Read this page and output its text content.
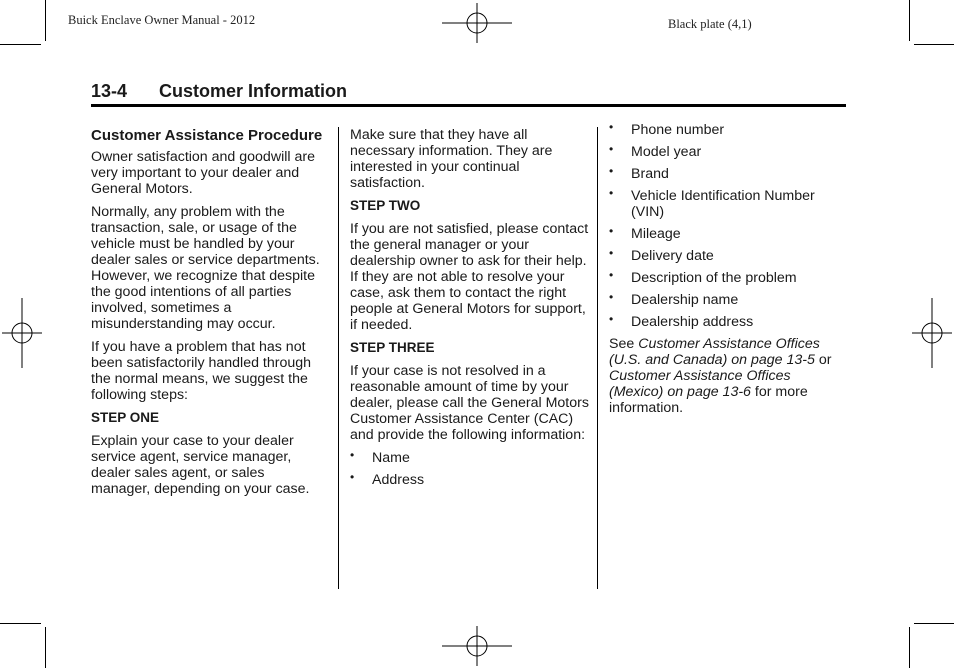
Buick Enclave Owner Manual - 2012	Black plate (4,1)
13-4 Customer Information
Customer Assistance Procedure

Owner satisfaction and goodwill are very important to your dealer and General Motors.

Normally, any problem with the transaction, sale, or usage of the vehicle must be handled by your dealer sales or service departments. However, we recognize that despite the good intentions of all parties involved, sometimes a misunderstanding may occur.

If you have a problem that has not been satisfactorily handled through the normal means, we suggest the following steps:

STEP ONE

Explain your case to your dealer service agent, service manager, dealer sales agent, or sales manager, depending on your case.

Make sure that they have all necessary information. They are interested in your continual satisfaction.

STEP TWO

If you are not satisfied, please contact the general manager or your dealership owner to ask for their help. If they are not able to resolve your case, ask them to contact the right people at General Motors for support, if needed.

STEP THREE

If your case is not resolved in a reasonable amount of time by your dealer, please call the General Motors Customer Assistance Center (CAC) and provide the following information:

• Name
• Address
• Phone number
• Model year
• Brand
• Vehicle Identification Number (VIN)
• Mileage
• Delivery date
• Description of the problem
• Dealership name
• Dealership address

See Customer Assistance Offices (U.S. and Canada) on page 13-5 or Customer Assistance Offices (Mexico) on page 13-6 for more information.
